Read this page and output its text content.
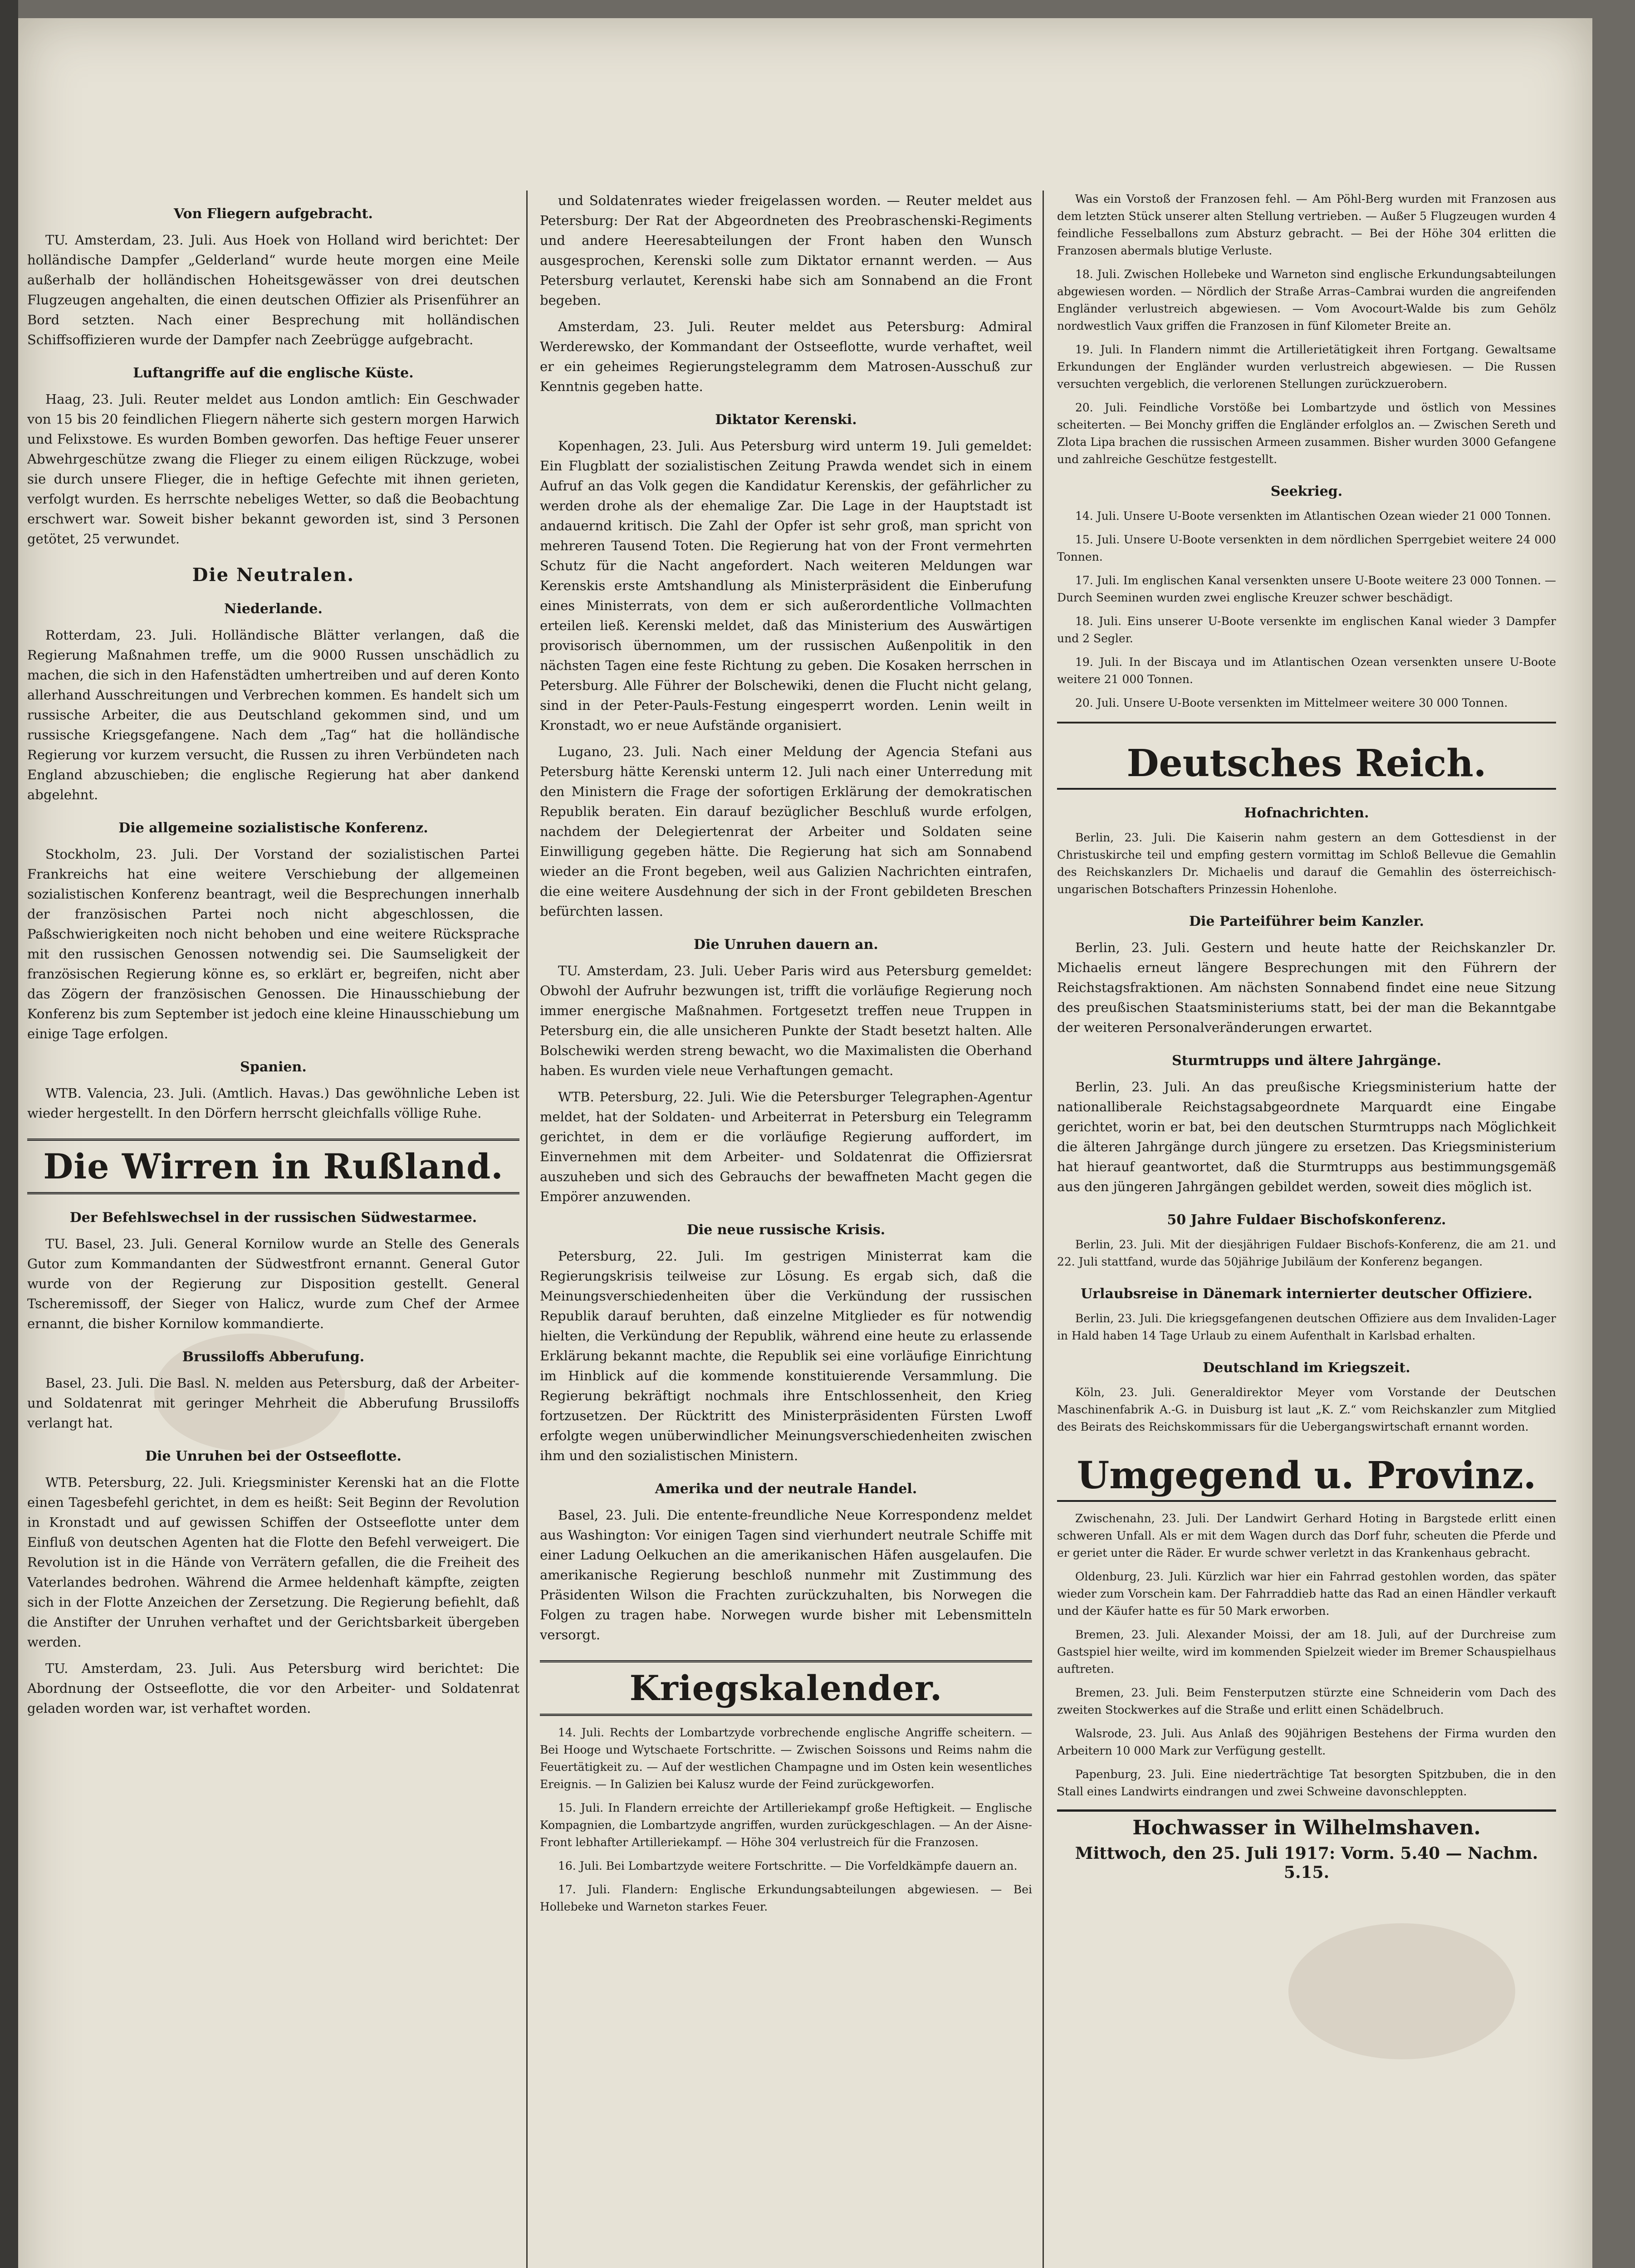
Von Fliegern aufgebracht.

TU. Amsterdam, 23. Juli. Aus Hoek von Holland wird berichtet: Der holländische Dampfer „Gelderland“ wurde heute morgen eine Meile außerhalb der holländischen Hoheitsgewässer von drei deutschen Flugzeugen angehalten, die einen deutschen Offizier als Prisenführer an Bord setzten. Nach einer Besprechung mit holländischen Schiffsoffizieren wurde der Dampfer nach Zeebrügge aufgebracht.

Luftangriffe auf die englische Küste.

Haag, 23. Juli. Reuter meldet aus London amtlich: Ein Geschwader von 15 bis 20 feindlichen Fliegern näherte sich gestern morgen Harwich und Felixstowe. Es wurden Bomben geworfen. Das heftige Feuer unserer Abwehrgeschütze zwang die Flieger zu einem eiligen Rückzuge, wobei sie durch unsere Flieger, die in heftige Gefechte mit ihnen gerieten, verfolgt wurden. Es herrschte nebeliges Wetter, so daß die Beobachtung erschwert war. Soweit bisher bekannt geworden ist, sind 3 Personen getötet, 25 verwundet.

Die Neutralen.
Niederlande.

Rotterdam, 23. Juli. Holländische Blätter verlangen, daß die Regierung Maßnahmen treffe, um die 9000 Russen unschädlich zu machen, die sich in den Hafenstädten umhertreiben und auf deren Konto allerhand Ausschreitungen und Verbrechen kommen. Es handelt sich um russische Arbeiter, die aus Deutschland gekommen sind, und um russische Kriegsgefangene. Nach dem „Tag“ hat die holländische Regierung vor kurzem versucht, die Russen zu ihren Verbündeten nach England abzuschieben; die englische Regierung hat aber dankend abgelehnt.

Die allgemeine sozialistische Konferenz.

Stockholm, 23. Juli. Der Vorstand der sozialistischen Partei Frankreichs hat eine weitere Verschiebung der allgemeinen sozialistischen Konferenz beantragt, weil die Besprechungen innerhalb der französischen Partei noch nicht abgeschlossen, die Paßschwierigkeiten noch nicht behoben und eine weitere Rücksprache mit den russischen Genossen notwendig sei. Die Saumseligkeit der französischen Regierung könne es, so erklärt er, begreifen, nicht aber das Zögern der französischen Genossen. Die Hinausschiebung der Konferenz bis zum September ist jedoch eine kleine Hinausschiebung um einige Tage erfolgen.

Spanien.

WTB. Valencia, 23. Juli. (Amtlich. Havas.) Das gewöhnliche Leben ist wieder hergestellt. In den Dörfern herrscht gleichfalls völlige Ruhe.

Die Wirren in Rußland.
Der Befehlswechsel in der russischen Südwestarmee.

TU. Basel, 23. Juli. General Kornilow wurde an Stelle des Generals Gutor zum Kommandanten der Südwestfront ernannt. General Gutor wurde von der Regierung zur Disposition gestellt. General Tscheremissoff, der Sieger von Halicz, wurde zum Chef der Armee ernannt, die bisher Kornilow kommandierte.

Brussiloffs Abberufung.

Basel, 23. Juli. Die Basl. N. melden aus Petersburg, daß der Arbeiter- und Soldatenrat mit geringer Mehrheit die Abberufung Brussiloffs verlangt hat.

Die Unruhen bei der Ostseeflotte.

WTB. Petersburg, 22. Juli. Kriegsminister Kerenski hat an die Flotte einen Tagesbefehl gerichtet, in dem es heißt: Seit Beginn der Revolution in Kronstadt und auf gewissen Schiffen der Ostseeflotte unter dem Einfluß von deutschen Agenten hat die Flotte den Befehl verweigert. Die Revolution ist in die Hände von Verrätern gefallen, die die Freiheit des Vaterlandes bedrohen. Während die Armee heldenhaft kämpfte, zeigten sich in der Flotte Anzeichen der Zersetzung. Die Regierung befiehlt, daß die Anstifter der Unruhen verhaftet und der Gerichtsbarkeit übergeben werden.

TU. Amsterdam, 23. Juli. Aus Petersburg wird berichtet: Die Abordnung der Ostseeflotte, die vor den Arbeiter- und Soldatenrat geladen worden war, ist verhaftet worden.

und Soldatenrates wieder freigelassen worden. — Reuter meldet aus Petersburg: Der Rat der Abgeordneten des Preobraschenski-Regiments und andere Heeresabteilungen der Front haben den Wunsch ausgesprochen, Kerenski solle zum Diktator ernannt werden. — Aus Petersburg verlautet, Kerenski habe sich am Sonnabend an die Front begeben.

Amsterdam, 23. Juli. Reuter meldet aus Petersburg: Admiral Werderewsko, der Kommandant der Ostseeflotte, wurde verhaftet, weil er ein geheimes Regierungstelegramm dem Matrosen-Ausschuß zur Kenntnis gegeben hatte.

Diktator Kerenski.

Kopenhagen, 23. Juli. Aus Petersburg wird unterm 19. Juli gemeldet: Ein Flugblatt der sozialistischen Zeitung Prawda wendet sich in einem Aufruf an das Volk gegen die Kandidatur Kerenskis, der gefährlicher zu werden drohe als der ehemalige Zar. Die Lage in der Hauptstadt ist andauernd kritisch. Die Zahl der Opfer ist sehr groß, man spricht von mehreren Tausend Toten. Die Regierung hat von der Front vermehrten Schutz für die Nacht angefordert. Nach weiteren Meldungen war Kerenskis erste Amtshandlung als Ministerpräsident die Einberufung eines Ministerrats, von dem er sich außerordentliche Vollmachten erteilen ließ. Kerenski meldet, daß das Ministerium des Auswärtigen provisorisch übernommen, um der russischen Außenpolitik in den nächsten Tagen eine feste Richtung zu geben. Die Kosaken herrschen in Petersburg. Alle Führer der Bolschewiki, denen die Flucht nicht gelang, sind in der Peter-Pauls-Festung eingesperrt worden. Lenin weilt in Kronstadt, wo er neue Aufstände organisiert.

Lugano, 23. Juli. Nach einer Meldung der Agencia Stefani aus Petersburg hätte Kerenski unterm 12. Juli nach einer Unterredung mit den Ministern die Frage der sofortigen Erklärung der demokratischen Republik beraten. Ein darauf bezüglicher Beschluß wurde erfolgen, nachdem der Delegiertenrat der Arbeiter und Soldaten seine Einwilligung gegeben hätte. Die Regierung hat sich am Sonnabend wieder an die Front begeben, weil aus Galizien Nachrichten eintrafen, die eine weitere Ausdehnung der sich in der Front gebildeten Breschen befürchten lassen.

Die Unruhen dauern an.

TU. Amsterdam, 23. Juli. Ueber Paris wird aus Petersburg gemeldet: Obwohl der Aufruhr bezwungen ist, trifft die vorläufige Regierung noch immer energische Maßnahmen. Fortgesetzt treffen neue Truppen in Petersburg ein, die alle unsicheren Punkte der Stadt besetzt halten. Alle Bolschewiki werden streng bewacht, wo die Maximalisten die Oberhand haben. Es wurden viele neue Verhaftungen gemacht.

WTB. Petersburg, 22. Juli. Wie die Petersburger Telegraphen-Agentur meldet, hat der Soldaten- und Arbeiterrat in Petersburg ein Telegramm gerichtet, in dem er die vorläufige Regierung auffordert, im Einvernehmen mit dem Arbeiter- und Soldatenrat die Offiziersrat auszuheben und sich des Gebrauchs der bewaffneten Macht gegen die Empörer anzuwenden.

Die neue russische Krisis.

Petersburg, 22. Juli. Im gestrigen Ministerrat kam die Regierungskrisis teilweise zur Lösung. Es ergab sich, daß die Meinungsverschiedenheiten über die Verkündung der russischen Republik darauf beruhten, daß einzelne Mitglieder es für notwendig hielten, die Verkündung der Republik, während eine heute zu erlassende Erklärung bekannt machte, die Republik sei eine vorläufige Einrichtung im Hinblick auf die kommende konstituierende Versammlung. Die Regierung bekräftigt nochmals ihre Entschlossenheit, den Krieg fortzusetzen. Der Rücktritt des Ministerpräsidenten Fürsten Lwoff erfolgte wegen unüberwindlicher Meinungsverschiedenheiten zwischen ihm und den sozialistischen Ministern.

Amerika und der neutrale Handel.

Basel, 23. Juli. Die entente-freundliche Neue Korrespondenz meldet aus Washington: Vor einigen Tagen sind vierhundert neutrale Schiffe mit einer Ladung Oelkuchen an die amerikanischen Häfen ausgelaufen. Die amerikanische Regierung beschloß nunmehr mit Zustimmung des Präsidenten Wilson die Frachten zurückzuhalten, bis Norwegen die Folgen zu tragen habe. Norwegen wurde bisher mit Lebensmitteln versorgt.

Kriegskalender.

14. Juli. Rechts der Lombartzyde vorbrechende englische Angriffe scheitern. — Bei Hooge und Wytschaete Fortschritte. — Zwischen Soissons und Reims nahm die Feuertätigkeit zu. — Auf der westlichen Champagne und im Osten kein wesentliches Ereignis. — In Galizien bei Kalusz wurde der Feind zurückgeworfen.

15. Juli. In Flandern erreichte der Artilleriekampf große Heftigkeit. — Englische Kompagnien, die Lombartzyde angriffen, wurden zurückgeschlagen. — An der Aisne-Front lebhafter Artilleriekampf. — Höhe 304 verlustreich für die Franzosen.

16. Juli. Bei Lombartzyde weitere Fortschritte. — Die Vorfeldkämpfe dauern an.

17. Juli. Flandern: Englische Erkundungsabteilungen abgewiesen. — Bei Hollebeke und Warneton starkes Feuer.

Was ein Vorstoß der Franzosen fehl. — Am Pöhl-Berg wurden mit Franzosen aus dem letzten Stück unserer alten Stellung vertrieben. — Außer 5 Flugzeugen wurden 4 feindliche Fesselballons zum Absturz gebracht. — Bei der Höhe 304 erlitten die Franzosen abermals blutige Verluste.

18. Juli. Zwischen Hollebeke und Warneton sind englische Erkundungsabteilungen abgewiesen worden. — Nördlich der Straße Arras–Cambrai wurden die angreifenden Engländer verlustreich abgewiesen. — Vom Avocourt-Walde bis zum Gehölz nordwestlich Vaux griffen die Franzosen in fünf Kilometer Breite an.

19. Juli. In Flandern nimmt die Artillerietätigkeit ihren Fortgang. Gewaltsame Erkundungen der Engländer wurden verlustreich abgewiesen. — Die Russen versuchten vergeblich, die verlorenen Stellungen zurückzuerobern.

20. Juli. Feindliche Vorstöße bei Lombartzyde und östlich von Messines scheiterten. — Bei Monchy griffen die Engländer erfolglos an. — Zwischen Sereth und Zlota Lipa brachen die russischen Armeen zusammen. Bisher wurden 3000 Gefangene und zahlreiche Geschütze festgestellt.

Seekrieg.

14. Juli. Unsere U-Boote versenkten im Atlantischen Ozean wieder 21 000 Tonnen.

15. Juli. Unsere U-Boote versenkten in dem nördlichen Sperrgebiet weitere 24 000 Tonnen.

17. Juli. Im englischen Kanal versenkten unsere U-Boote weitere 23 000 Tonnen. — Durch Seeminen wurden zwei englische Kreuzer schwer beschädigt.

18. Juli. Eins unserer U-Boote versenkte im englischen Kanal wieder 3 Dampfer und 2 Segler.

19. Juli. In der Biscaya und im Atlantischen Ozean versenkten unsere U-Boote weitere 21 000 Tonnen.

20. Juli. Unsere U-Boote versenkten im Mittelmeer weitere 30 000 Tonnen.

Deutsches Reich.
Hofnachrichten.

Berlin, 23. Juli. Die Kaiserin nahm gestern an dem Gottesdienst in der Christuskirche teil und empfing gestern vormittag im Schloß Bellevue die Gemahlin des Reichskanzlers Dr. Michaelis und darauf die Gemahlin des österreichisch-ungarischen Botschafters Prinzessin Hohenlohe.

Die Parteiführer beim Kanzler.

Berlin, 23. Juli. Gestern und heute hatte der Reichskanzler Dr. Michaelis erneut längere Besprechungen mit den Führern der Reichstagsfraktionen. Am nächsten Sonnabend findet eine neue Sitzung des preußischen Staatsministeriums statt, bei der man die Bekanntgabe der weiteren Personalveränderungen erwartet.

Sturmtrupps und ältere Jahrgänge.

Berlin, 23. Juli. An das preußische Kriegsministerium hatte der nationalliberale Reichstagsabgeordnete Marquardt eine Eingabe gerichtet, worin er bat, bei den deutschen Sturmtrupps nach Möglichkeit die älteren Jahrgänge durch jüngere zu ersetzen. Das Kriegsministerium hat hierauf geantwortet, daß die Sturmtrupps aus bestimmungsgemäß aus den jüngeren Jahrgängen gebildet werden, soweit dies möglich ist.

50 Jahre Fuldaer Bischofskonferenz.

Berlin, 23. Juli. Mit der diesjährigen Fuldaer Bischofs-Konferenz, die am 21. und 22. Juli stattfand, wurde das 50jährige Jubiläum der Konferenz begangen.

Urlaubsreise in Dänemark internierter deutscher Offiziere.

Berlin, 23. Juli. Die kriegsgefangenen deutschen Offiziere aus dem Invaliden-Lager in Hald haben 14 Tage Urlaub zu einem Aufenthalt in Karlsbad erhalten.

Deutschland im Kriegszeit.

Köln, 23. Juli. Generaldirektor Meyer vom Vorstande der Deutschen Maschinenfabrik A.-G. in Duisburg ist laut „K. Z.“ vom Reichskanzler zum Mitglied des Beirats des Reichskommissars für die Uebergangswirtschaft ernannt worden.

Umgegend u. Provinz.

Zwischenahn, 23. Juli. Der Landwirt Gerhard Hoting in Bargstede erlitt einen schweren Unfall. Als er mit dem Wagen durch das Dorf fuhr, scheuten die Pferde und er geriet unter die Räder. Er wurde schwer verletzt in das Krankenhaus gebracht.

Oldenburg, 23. Juli. Kürzlich war hier ein Fahrrad gestohlen worden, das später wieder zum Vorschein kam. Der Fahrraddieb hatte das Rad an einen Händler verkauft und der Käufer hatte es für 50 Mark erworben.

Bremen, 23. Juli. Alexander Moissi, der am 18. Juli, auf der Durchreise zum Gastspiel hier weilte, wird im kommenden Spielzeit wieder im Bremer Schauspielhaus auftreten.

Bremen, 23. Juli. Beim Fensterputzen stürzte eine Schneiderin vom Dach des zweiten Stockwerkes auf die Straße und erlitt einen Schädelbruch.

Walsrode, 23. Juli. Aus Anlaß des 90jährigen Bestehens der Firma wurden den Arbeitern 10 000 Mark zur Verfügung gestellt.

Papenburg, 23. Juli. Eine niederträchtige Tat besorgten Spitzbuben, die in den Stall eines Landwirts eindrangen und zwei Schweine davonschleppten.

Hochwasser in Wilhelmshaven.
Mittwoch, den 25. Juli 1917: Vorm. 5.40 — Nachm. 5.15.
